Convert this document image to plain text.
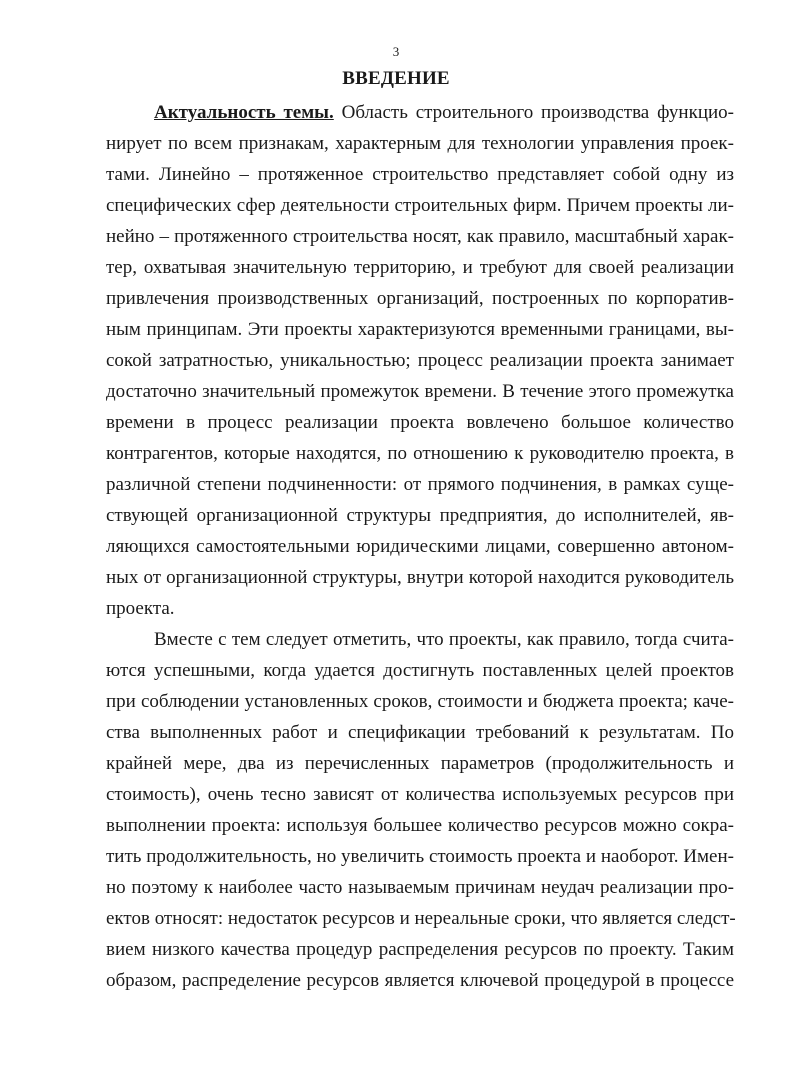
3
ВВЕДЕНИЕ
Актуальность темы. Область строительного производства функцио-
нирует по всем признакам, характерным для технологии управления проек-
тами. Линейно – протяженное строительство представляет собой одну из
специфических сфер деятельности строительных фирм. Причем проекты ли-
нейно – протяженного строительства носят, как правило, масштабный харак-
тер, охватывая значительную территорию, и требуют для своей реализации
привлечения производственных организаций, построенных по корпоратив-
ным принципам. Эти проекты характеризуются временными границами, вы-
сокой затратностью, уникальностью; процесс реализации проекта занимает
достаточно значительный промежуток времени. В течение этого промежутка
времени в процесс реализации проекта вовлечено большое количество
контрагентов, которые находятся, по отношению к руководителю проекта, в
различной степени подчиненности: от прямого подчинения, в рамках суще-
ствующей организационной структуры предприятия, до исполнителей, яв-
ляющихся самостоятельными юридическими лицами, совершенно автоном-
ных от организационной структуры, внутри которой находится руководитель
проекта.
Вместе с тем следует отметить, что проекты, как правило, тогда счита-
ются успешными, когда удается достигнуть поставленных целей проектов
при соблюдении установленных сроков, стоимости и бюджета проекта; каче-
ства выполненных работ и спецификации требований к результатам. По
крайней мере, два из перечисленных параметров (продолжительность и
стоимость), очень тесно зависят от количества используемых ресурсов при
выполнении проекта: используя большее количество ресурсов можно сокра-
тить продолжительность, но увеличить стоимость проекта и наоборот. Имен-
но поэтому к наиболее часто называемым причинам неудач реализации про-
ектов относят: недостаток ресурсов и нереальные сроки, что является следст-
вием низкого качества процедур распределения ресурсов по проекту. Таким
образом, распределение ресурсов является ключевой процедурой в процессе
